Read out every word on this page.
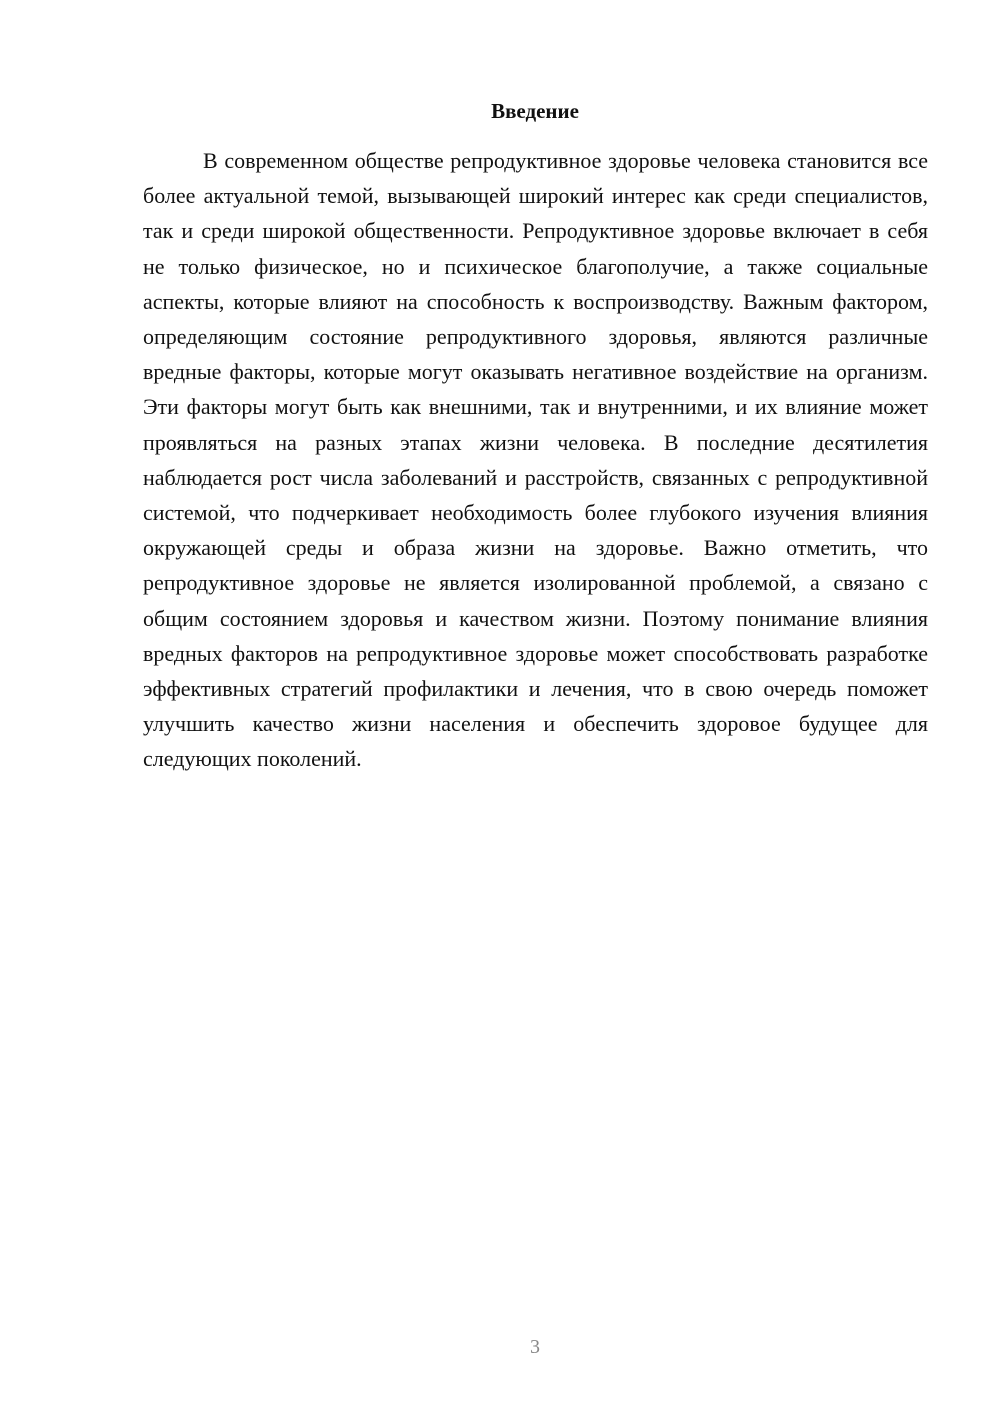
Введение

В современном обществе репродуктивное здоровье человека становится все более актуальной темой, вызывающей широкий интерес как среди специалистов, так и среди широкой общественности. Репродуктивное здоровье включает в себя не только физическое, но и психическое благополучие, а также социальные аспекты, которые влияют на способность к воспроизводству. Важным фактором, определяющим состояние репродуктивного здоровья, являются различные вредные факторы, которые могут оказывать негативное воздействие на организм. Эти факторы могут быть как внешними, так и внутренними, и их влияние может проявляться на разных этапах жизни человека. В последние десятилетия наблюдается рост числа заболеваний и расстройств, связанных с репродуктивной системой, что подчеркивает необходимость более глубокого изучения влияния окружающей среды и образа жизни на здоровье. Важно отметить, что репродуктивное здоровье не является изолированной проблемой, а связано с общим состоянием здоровья и качеством жизни. Поэтому понимание влияния вредных факторов на репродуктивное здоровье может способствовать разработке эффективных стратегий профилактики и лечения, что в свою очередь поможет улучшить качество жизни населения и обеспечить здоровое будущее для следующих поколений.

3
